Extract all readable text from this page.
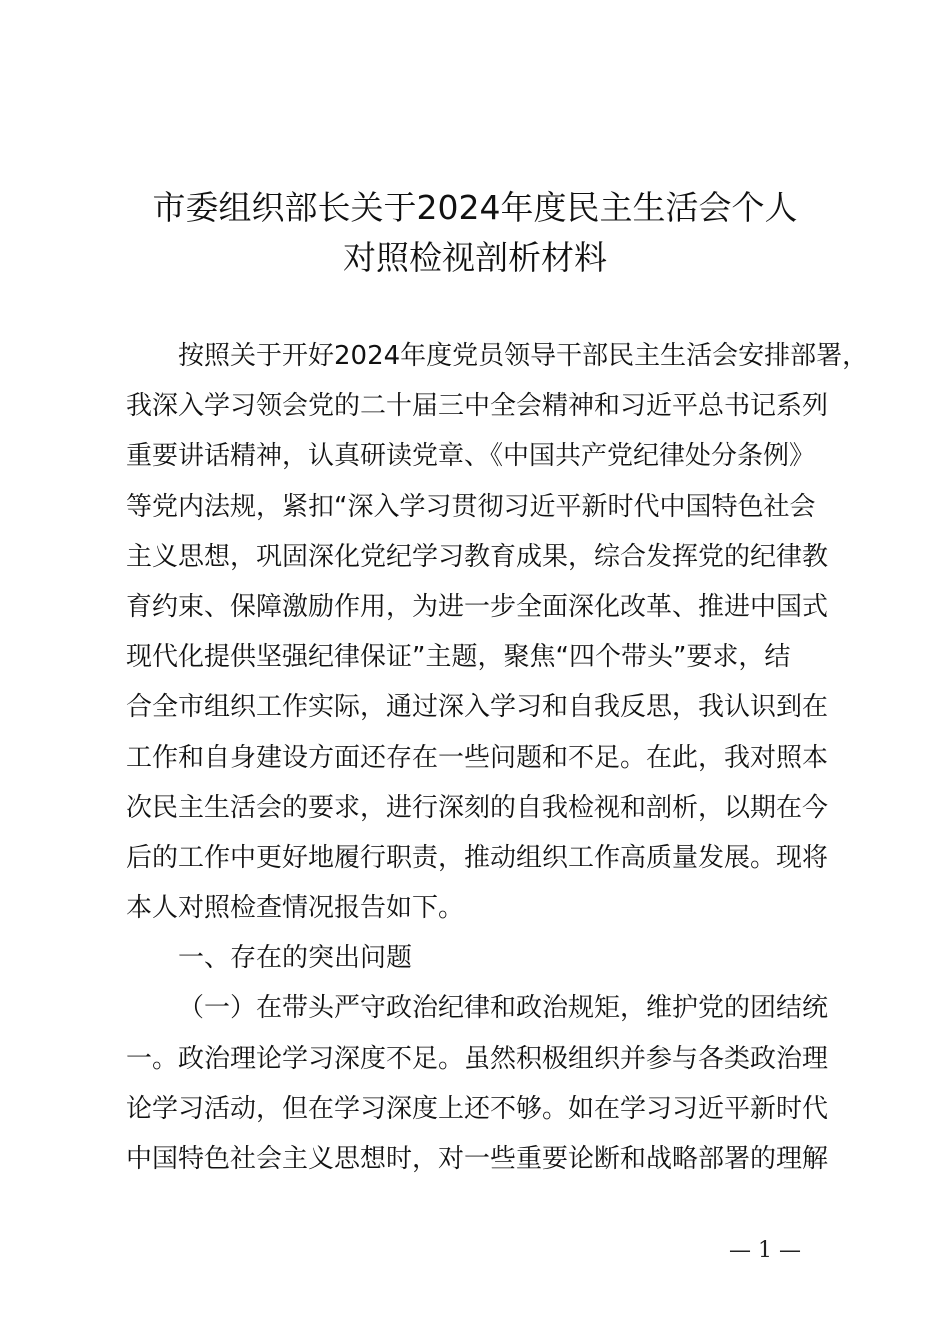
市委组织部长关于2024年度民主生活会个人
对照检视剖析材料
按照关于开好2024年度党员领导干部民主生活会安排部署，
我深入学习领会党的二十届三中全会精神和习近平总书记系列
重要讲话精神，认真研读党章、《中国共产党纪律处分条例》
等党内法规，紧扣“深入学习贯彻习近平新时代中国特色社会
主义思想，巩固深化党纪学习教育成果，综合发挥党的纪律教
育约束、保障激励作用，为进一步全面深化改革、推进中国式
现代化提供坚强纪律保证”主题，聚焦“四个带头”要求，结
合全市组织工作实际，通过深入学习和自我反思，我认识到在
工作和自身建设方面还存在一些问题和不足。在此，我对照本
次民主生活会的要求，进行深刻的自我检视和剖析，以期在今
后的工作中更好地履行职责，推动组织工作高质量发展。现将
本人对照检查情况报告如下。
一、存在的突出问题
（一）在带头严守政治纪律和政治规矩，维护党的团结统
一。政治理论学习深度不足。虽然积极组织并参与各类政治理
论学习活动，但在学习深度上还不够。如在学习习近平新时代
中国特色社会主义思想时，对一些重要论断和战略部署的理解
— 1 —
